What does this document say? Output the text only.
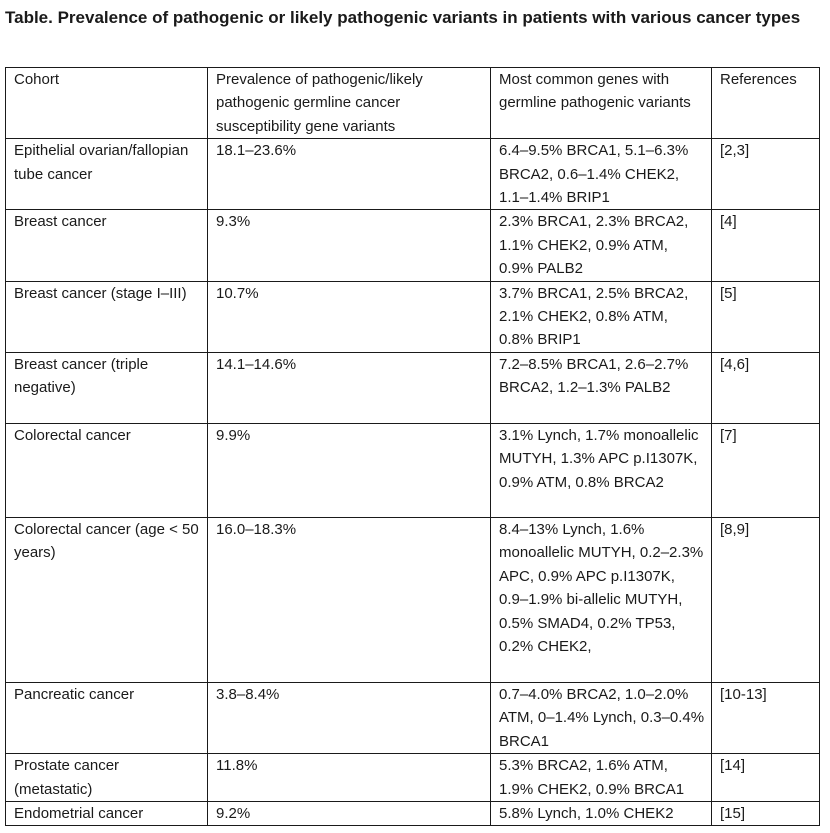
Table. Prevalence of pathogenic or likely pathogenic variants in patients with various cancer types

Cohort	Prevalence of pathogenic/likely pathogenic germline cancer susceptibility gene variants	Most common genes with germline pathogenic variants	References
Epithelial ovarian/fallopian tube cancer	18.1–23.6%	6.4–9.5% BRCA1, 5.1–6.3% BRCA2, 0.6–1.4% CHEK2, 1.1–1.4% BRIP1	[2,3]
Breast cancer	9.3%	2.3% BRCA1, 2.3% BRCA2, 1.1% CHEK2, 0.9% ATM, 0.9% PALB2	[4]
Breast cancer (stage I–III)	10.7%	3.7% BRCA1, 2.5% BRCA2, 2.1% CHEK2, 0.8% ATM, 0.8% BRIP1	[5]
Breast cancer (triple negative)	14.1–14.6%	7.2–8.5% BRCA1, 2.6–2.7% BRCA2, 1.2–1.3% PALB2	[4,6]
Colorectal cancer	9.9%	3.1% Lynch, 1.7% monoallelic MUTYH, 1.3% APC p.I1307K, 0.9% ATM, 0.8% BRCA2	[7]
Colorectal cancer (age < 50 years)	16.0–18.3%	8.4–13% Lynch, 1.6% monoallelic MUTYH, 0.2–2.3% APC, 0.9% APC p.I1307K, 0.9–1.9% bi-allelic MUTYH, 0.5% SMAD4, 0.2% TP53, 0.2% CHEK2,	[8,9]
Pancreatic cancer	3.8–8.4%	0.7–4.0% BRCA2, 1.0–2.0% ATM, 0–1.4% Lynch, 0.3–0.4% BRCA1	[10-13]
Prostate cancer (metastatic)	11.8%	5.3% BRCA2, 1.6% ATM, 1.9% CHEK2, 0.9% BRCA1	[14]
Endometrial cancer	9.2%	5.8% Lynch, 1.0% CHEK2	[15]
